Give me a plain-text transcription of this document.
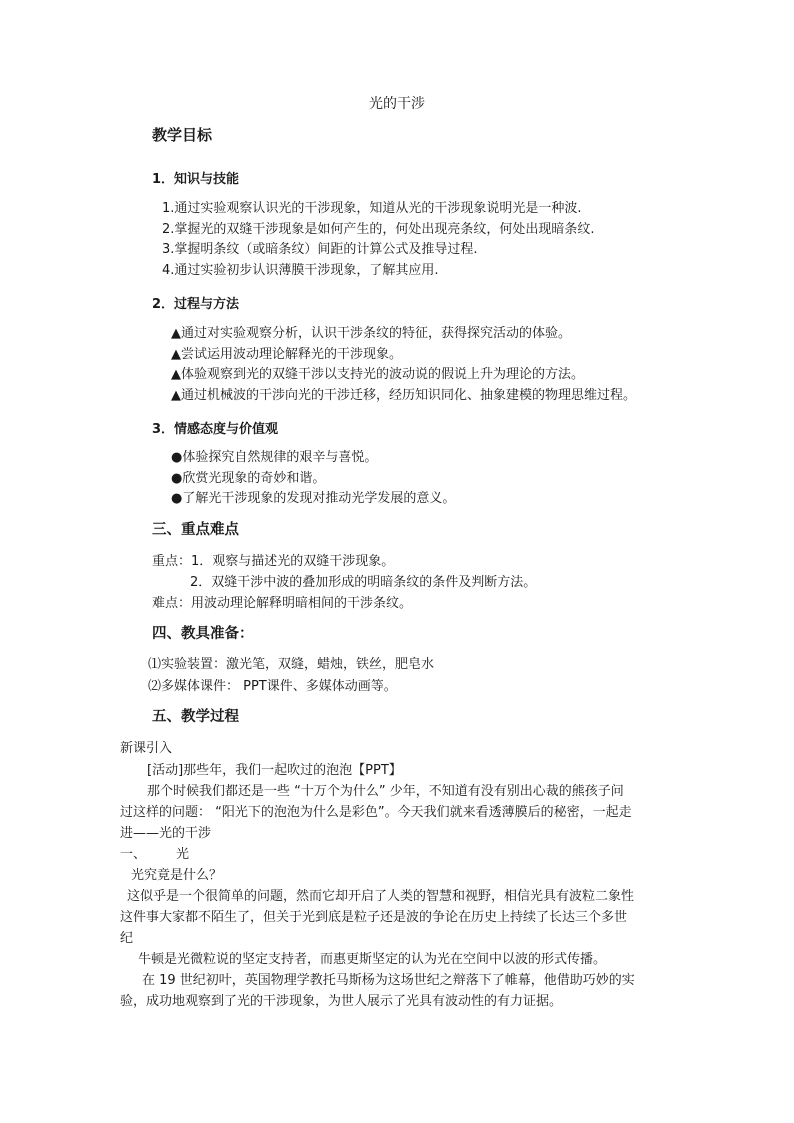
光的干涉
教学目标
1．知识与技能
1.通过实验观察认识光的干涉现象，知道从光的干涉现象说明光是一种波.
2.掌握光的双缝干涉现象是如何产生的，何处出现亮条纹，何处出现暗条纹.
3.掌握明条纹（或暗条纹）间距的计算公式及推导过程.
4.通过实验初步认识薄膜干涉现象，了解其应用.
2．过程与方法
▲通过对实验观察分析，认识干涉条纹的特征，获得探究活动的体验。
▲尝试运用波动理论解释光的干涉现象。
▲体验观察到光的双缝干涉以支持光的波动说的假说上升为理论的方法。
▲通过机械波的干涉向光的干涉迁移，经历知识同化、抽象建模的物理思维过程。
3．情感态度与价值观
●体验探究自然规律的艰辛与喜悦。
●欣赏光现象的奇妙和谐。
●了解光干涉现象的发现对推动光学发展的意义。
三、重点难点
重点：1．观察与描述光的双缝干涉现象。
2．双缝干涉中波的叠加形成的明暗条纹的条件及判断方法。
难点：用波动理论解释明暗相间的干涉条纹。
四、教具准备：
⑴实验装置：激光笔，双缝，蜡烛，铁丝，肥皂水
⑵多媒体课件： PPT课件、多媒体动画等。
五、教学过程
新课引入
[活动]那些年，我们一起吹过的泡泡【PPT】
那个时候我们都还是一些 “十万个为什么” 少年，不知道有没有别出心裁的熊孩子问
过这样的问题： “阳光下的泡泡为什么是彩色”。今天我们就来看透薄膜后的秘密，一起走
进——光的干涉
一、 光
光究竟是什么？
这似乎是一个很简单的问题，然而它却开启了人类的智慧和视野，相信光具有波粒二象性
这件事大家都不陌生了，但关于光到底是粒子还是波的争论在历史上持续了长达三个多世
纪
牛顿是光微粒说的坚定支持者，而惠更斯坚定的认为光在空间中以波的形式传播。
在 19 世纪初叶，英国物理学教托马斯杨为这场世纪之辩落下了帷幕，他借助巧妙的实
验，成功地观察到了光的干涉现象，为世人展示了光具有波动性的有力证据。
